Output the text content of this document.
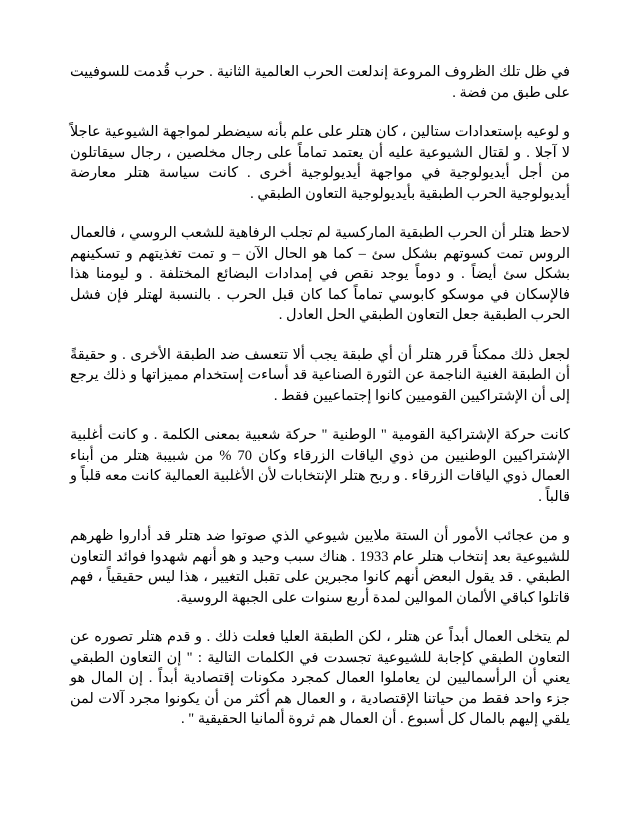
في ظل تلك الظروف المروعة إندلعت الحرب العالمية الثانية . حرب قُدمت للسوفييت على طبق من فضة .

و لوعيه بإستعدادات ستالين ، كان هتلر على علم بأنه سيضطر لمواجهة الشيوعية عاجلاً لا آجلا . و لقتال الشيوعية عليه أن يعتمد تماماً على رجال مخلصين ، رجال سيقاتلون من أجل أيديولوجية في مواجهة أيديولوجية أخرى . كانت سياسة هتلر معارضة أيديولوجية الحرب الطبقية بأيديولوجية التعاون الطبقي .

لاحظ هتلر أن الحرب الطبقية الماركسية لم تجلب الرفاهية للشعب الروسي ، فالعمال الروس تمت كسوتهم بشكل سئ – كما هو الحال الآن – و تمت تغذيتهم و تسكينهم بشكل سئ أيضاً . و دوماً يوجد نقص في إمدادات البضائع المختلفة . و ليومنا هذا فالإسكان في موسكو كابوسي تماماً كما كان قبل الحرب . بالنسبة لهتلر فإن فشل الحرب الطبقية جعل التعاون الطبقي الحل العادل .

لجعل ذلك ممكناً قرر هتلر أن أي طبقة يجب ألا تتعسف ضد الطبقة الأخرى . و حقيقةً أن الطبقة الغنية الناجمة عن الثورة الصناعية قد أساءت إستخدام مميزاتها و ذلك يرجع إلى أن الإشتراكيين القوميين كانوا إجتماعيين فقط .

كانت حركة الإشتراكية القومية " الوطنية " حركة شعبية بمعنى الكلمة . و كانت أغلبية الإشتراكيين الوطنيين من ذوي الياقات الزرقاء وكان 70 % من شبيبة هتلر من أبناء العمال ذوي الياقات الزرقاء . و ربح هتلر الإنتخابات لأن الأغلبية العمالية كانت معه قلباً و قالباً .

و من عجائب الأمور أن الستة ملايين شيوعي الذي صوتوا ضد هتلر قد أداروا ظهرهم للشيوعية بعد إنتخاب هتلر عام 1933 . هناك سبب وحيد و هو أنهم شهدوا فوائد التعاون الطبقي . قد يقول البعض أنهم كانوا مجبرين على تقبل التغيير ، هذا ليس حقيقياً ، فهم قاتلوا كباقي الألمان الموالين لمدة أربع سنوات على الجبهة الروسية.

لم يتخلى العمال أبداً عن هتلر ، لكن الطبقة العليا فعلت ذلك . و قدم هتلر تصوره عن التعاون الطبقي كإجابة للشيوعية تجسدت في الكلمات التالية : " إن التعاون الطبقي يعني أن الرأسماليين لن يعاملوا العمال كمجرد مكونات إقتصادية أبداً . إن المال هو جزء واحد فقط من حياتنا الإقتصادية ، و العمال هم أكثر من أن يكونوا مجرد آلات لمن يلقي إليهم بالمال كل أسبوع . أن العمال هم ثروة ألمانيا الحقيقية " .
